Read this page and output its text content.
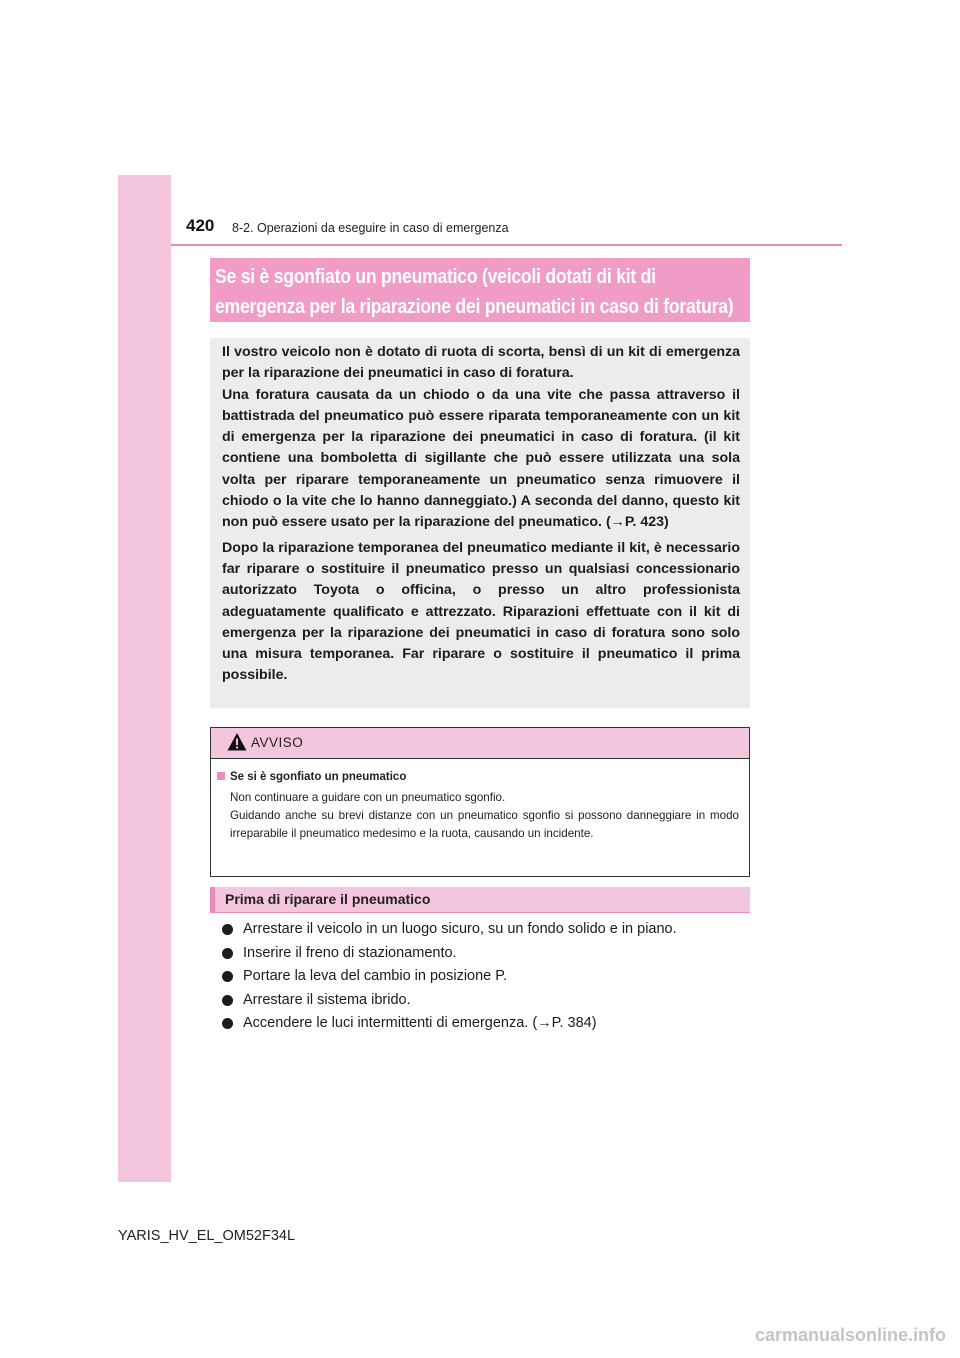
420 8-2. Operazioni da eseguire in caso di emergenza
Se si è sgonfiato un pneumatico (veicoli dotati di kit di
emergenza per la riparazione dei pneumatici in caso di foratura)

Il vostro veicolo non è dotato di ruota di scorta, bensì di un kit di emergenza per la riparazione dei pneumatici in caso di foratura.

Una foratura causata da un chiodo o da una vite che passa attraverso il battistrada del pneumatico può essere riparata temporaneamente con un kit di emergenza per la riparazione dei pneumatici in caso di foratura. (il kit contiene una bomboletta di sigillante che può essere utilizzata una sola volta per riparare temporaneamente un pneumatico senza rimuovere il chiodo o la vite che lo hanno danneggiato.) A seconda del danno, questo kit non può essere usato per la riparazione del pneumatico. (→P. 423)

Dopo la riparazione temporanea del pneumatico mediante il kit, è necessario far riparare o sostituire il pneumatico presso un qualsiasi concessionario autorizzato Toyota o officina, o presso un altro professionista adeguatamente qualificato e attrezzato. Riparazioni effettuate con il kit di emergenza per la riparazione dei pneumatici in caso di foratura sono solo una misura temporanea. Far riparare o sostituire il pneumatico il prima possibile.

AVVISO
Se si è sgonfiato un pneumatico

Non continuare a guidare con un pneumatico sgonfio.

Guidando anche su brevi distanze con un pneumatico sgonfio si possono danneggiare in modo irreparabile il pneumatico medesimo e la ruota, causando un incidente.

Prima di riparare il pneumatico
Arrestare il veicolo in un luogo sicuro, su un fondo solido e in piano.
Inserire il freno di stazionamento.
Portare la leva del cambio in posizione P.
Arrestare il sistema ibrido.
Accendere le luci intermittenti di emergenza. (→P. 384)
YARIS_HV_EL_OM52F34L
carmanualsonline.info
